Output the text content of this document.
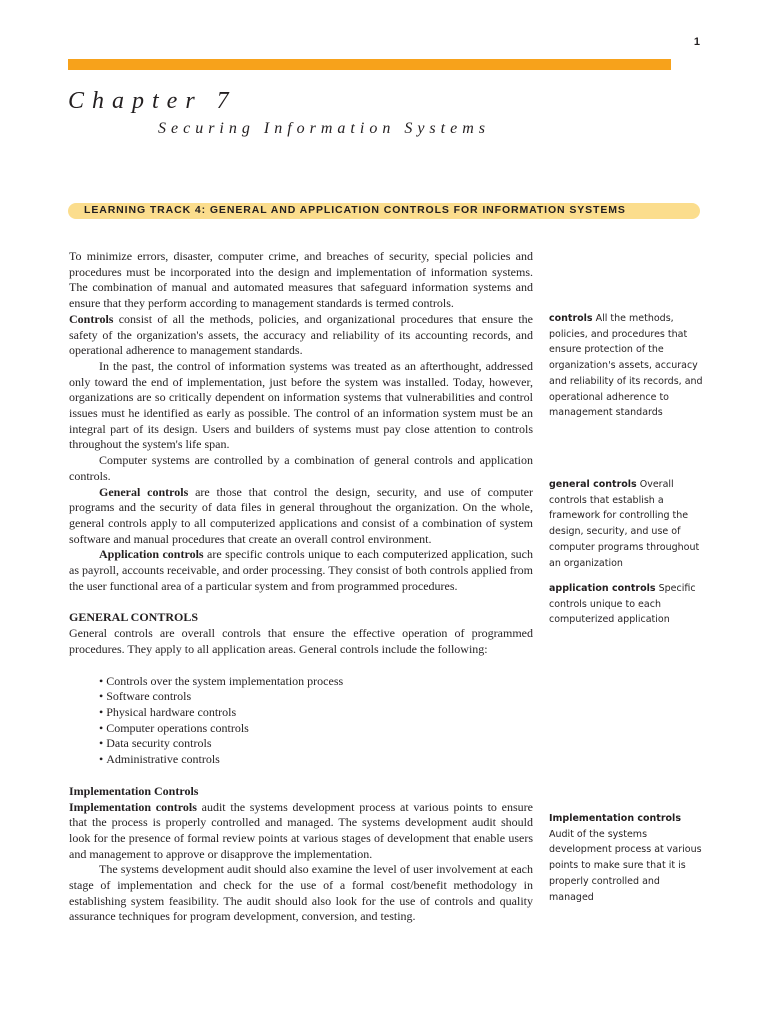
1
Chapter 7
Securing Information Systems
LEARNING TRACK 4: GENERAL AND APPLICATION CONTROLS FOR INFORMATION SYSTEMS

To minimize errors, disaster, computer crime, and breaches of security, special policies and procedures must be incorporated into the design and implementation of information systems. The combination of manual and automated measures that safeguard information systems and ensure that they perform according to management standards is termed controls.

Controls consist of all the methods, policies, and organizational procedures that ensure the safety of the organization's assets, the accuracy and reliability of its accounting records, and operational adherence to management standards.

In the past, the control of information systems was treated as an afterthought, addressed only toward the end of implementation, just before the system was installed. Today, however, organizations are so critically dependent on information systems that vulnerabilities and control issues must he identified as early as possible. The control of an information system must be an integral part of its design. Users and builders of systems must pay close attention to controls throughout the system's life span.

Computer systems are controlled by a combination of general controls and application controls.

General controls are those that control the design, security, and use of computer programs and the security of data files in general throughout the organization. On the whole, general controls apply to all computerized applications and consist of a combination of system software and manual procedures that create an overall control environment.

Application controls are specific controls unique to each computerized application, such as payroll, accounts receivable, and order processing. They consist of both controls applied from the user functional area of a particular system and from programmed procedures.

GENERAL CONTROLS

General controls are overall controls that ensure the effective operation of programmed procedures. They apply to all application areas. General controls include the following:

• Controls over the system implementation process
• Software controls
• Physical hardware controls
• Computer operations controls
• Data security controls
• Administrative controls
Implementation Controls

Implementation controls audit the systems development process at various points to ensure that the process is properly controlled and managed. The systems development audit should look for the presence of formal review points at various stages of development that enable users and management to approve or disapprove the implementation.

The systems development audit should also examine the level of user involvement at each stage of implementation and check for the use of a formal cost/benefit methodology in establishing system feasibility. The audit should also look for the use of controls and quality assurance techniques for program development, conversion, and testing.

controls All the methods, policies, and procedures that ensure protection of the organization's assets, accuracy and reliability of its records, and operational adherence to management standards
general controls Overall controls that establish a framework for controlling the design, security, and use of computer programs throughout an organization
application controls Specific controls unique to each computerized application
Implementation controls Audit of the systems development process at various points to make sure that it is properly controlled and managed
